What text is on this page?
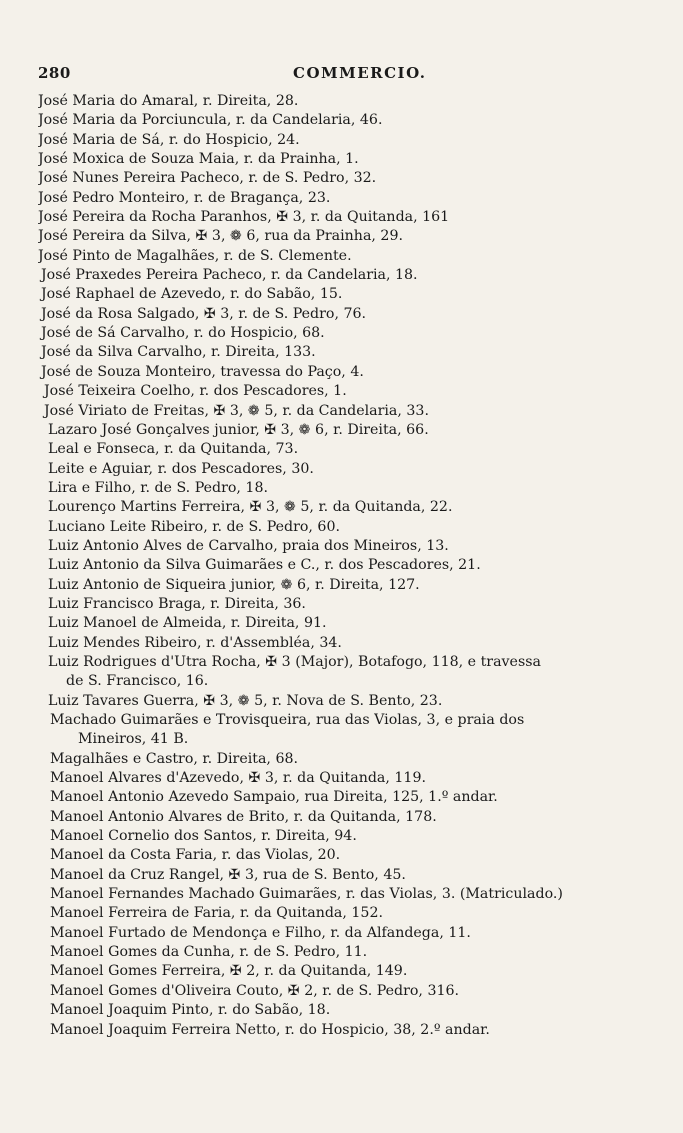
280	COMMERCIO.
José Maria do Amaral, r. Direita, 28.
José Maria da Porciuncula, r. da Candelaria, 46.
José Maria de Sá, r. do Hospicio, 24.
José Moxica de Souza Maia, r. da Prainha, 1.
José Nunes Pereira Pacheco, r. de S. Pedro, 32.
José Pedro Monteiro, r. de Bragança, 23.
José Pereira da Rocha Paranhos, ✠ 3, r. da Quitanda, 161
José Pereira da Silva, ✠ 3, ❁ 6, rua da Prainha, 29.
José Pinto de Magalhães, r. de S. Clemente.
José Praxedes Pereira Pacheco, r. da Candelaria, 18.
José Raphael de Azevedo, r. do Sabão, 15.
José da Rosa Salgado, ✠ 3, r. de S. Pedro, 76.
José de Sá Carvalho, r. do Hospicio, 68.
José da Silva Carvalho, r. Direita, 133.
José de Souza Monteiro, travessa do Paço, 4.
José Teixeira Coelho, r. dos Pescadores, 1.
José Viriato de Freitas, ✠ 3, ❁ 5, r. da Candelaria, 33.
Lazaro José Gonçalves junior, ✠ 3, ❁ 6, r. Direita, 66.
Leal e Fonseca, r. da Quitanda, 73.
Leite e Aguiar, r. dos Pescadores, 30.
Lira e Filho, r. de S. Pedro, 18.
Lourenço Martins Ferreira, ✠ 3, ❁ 5, r. da Quitanda, 22.
Luciano Leite Ribeiro, r. de S. Pedro, 60.
Luiz Antonio Alves de Carvalho, praia dos Mineiros, 13.
Luiz Antonio da Silva Guimarães e C., r. dos Pescadores, 21.
Luiz Antonio de Siqueira junior, ❁ 6, r. Direita, 127.
Luiz Francisco Braga, r. Direita, 36.
Luiz Manoel de Almeida, r. Direita, 91.
Luiz Mendes Ribeiro, r. d'Assembléa, 34.
Luiz Rodrigues d'Utra Rocha, ✠ 3 (Major), Botafogo, 118, e travessa
de S. Francisco, 16.
Luiz Tavares Guerra, ✠ 3, ❁ 5, r. Nova de S. Bento, 23.
Machado Guimarães e Trovisqueira, rua das Violas, 3, e praia dos
Mineiros, 41 B.
Magalhães e Castro, r. Direita, 68.
Manoel Alvares d'Azevedo, ✠ 3, r. da Quitanda, 119.
Manoel Antonio Azevedo Sampaio, rua Direita, 125, 1.º andar.
Manoel Antonio Alvares de Brito, r. da Quitanda, 178.
Manoel Cornelio dos Santos, r. Direita, 94.
Manoel da Costa Faria, r. das Violas, 20.
Manoel da Cruz Rangel, ✠ 3, rua de S. Bento, 45.
Manoel Fernandes Machado Guimarães, r. das Violas, 3. (Matriculado.)
Manoel Ferreira de Faria, r. da Quitanda, 152.
Manoel Furtado de Mendonça e Filho, r. da Alfandega, 11.
Manoel Gomes da Cunha, r. de S. Pedro, 11.
Manoel Gomes Ferreira, ✠ 2, r. da Quitanda, 149.
Manoel Gomes d'Oliveira Couto, ✠ 2, r. de S. Pedro, 316.
Manoel Joaquim Pinto, r. do Sabão, 18.
Manoel Joaquim Ferreira Netto, r. do Hospicio, 38, 2.º andar.
